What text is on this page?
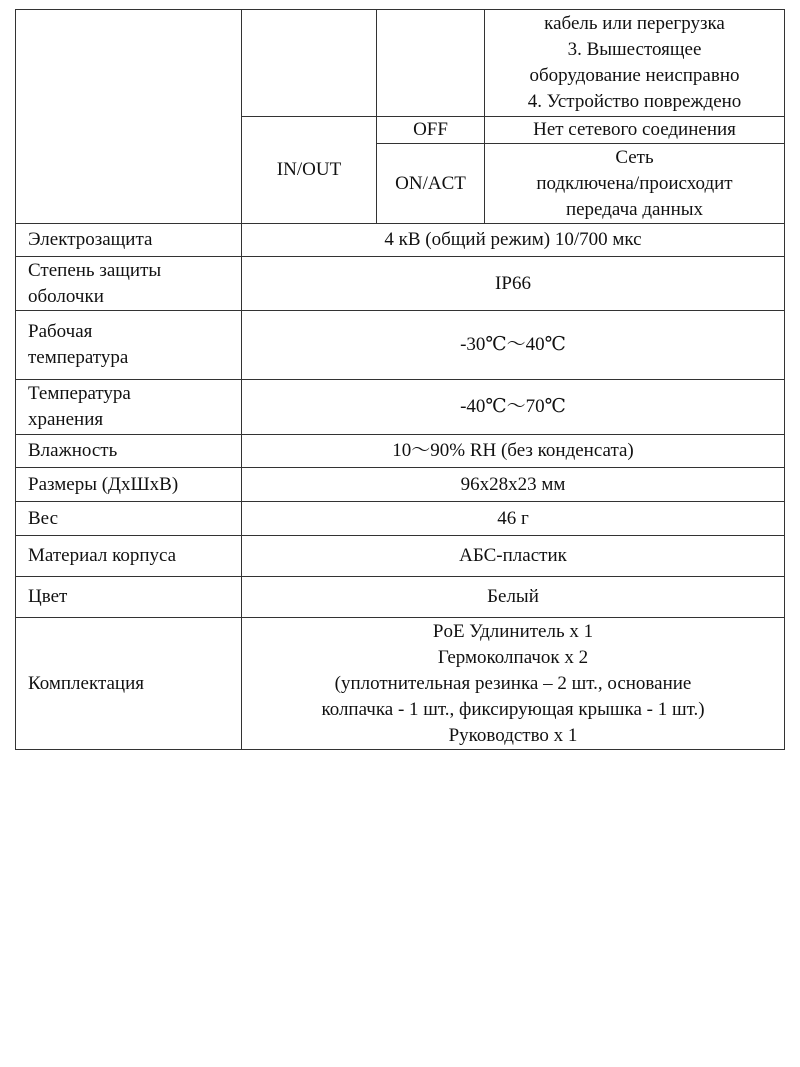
			кабель или перегрузка
3. Вышестоящее
оборудование неисправно
4. Устройство повреждено

	IN/OUT	OFF	Нет сетевого соединения
		ON/ACT	Сеть
подключена/происходит
передача данных

Электрозащита	4 кВ (общий режим) 10/700 мкс		

Степень защиты
оболочки	IP66		

Рабочая
температура	-30℃～40℃		

Температура
хранения	-40℃～70℃		

Влажность	10～90% RH (без конденсата)		

Размеры (ДхШхВ)	96x28x23 мм		

Вес	46 г		

Материал корпуса	АБС-пластик		

Цвет	Белый		

Комплектация	PoE Удлинитель x 1
Гермоколпачок x 2
(уплотнительная резинка – 2 шт., основание
колпачка - 1 шт., фиксирующая крышка - 1 шт.)
Руководство x 1		
